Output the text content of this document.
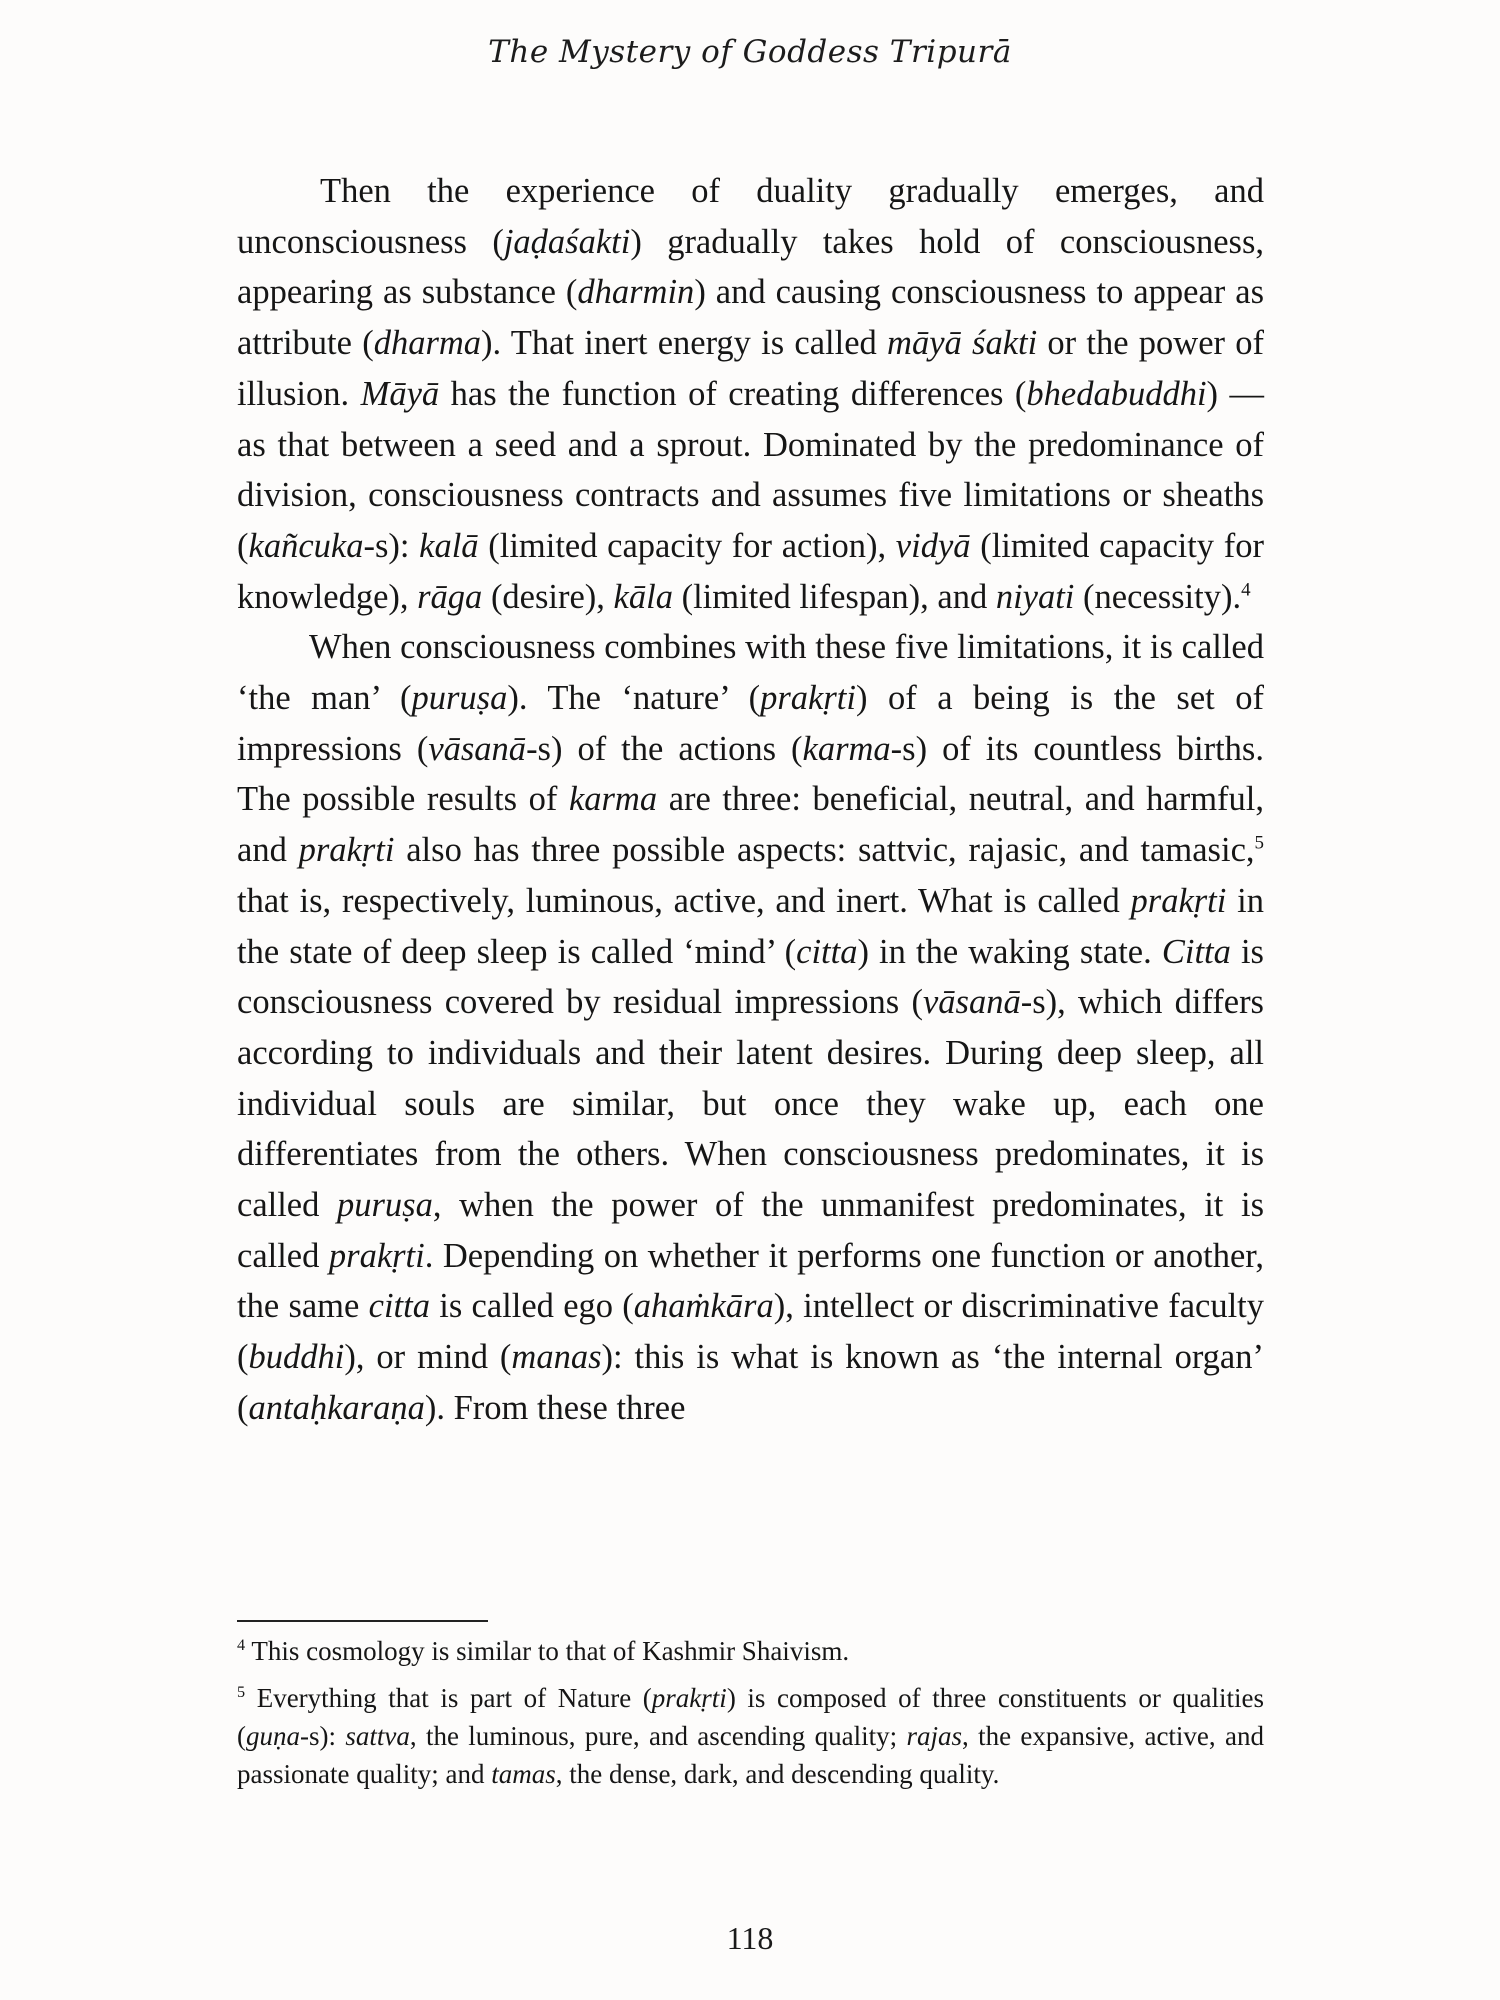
The Mystery of Goddess Tripurā

Then the experience of duality gradually emerges, and unconsciousness (jaḍaśakti) gradually takes hold of consciousness, appearing as substance (dharmin) and causing consciousness to appear as attribute (dharma). That inert energy is called māyā śakti or the power of illusion. Māyā has the function of creating differences (bhedabuddhi) — as that between a seed and a sprout. Dominated by the predominance of division, consciousness contracts and assumes five limitations or sheaths (kañcuka-s): kalā (limited capacity for action), vidyā (limited capacity for knowledge), rāga (desire), kāla (limited lifespan), and niyati (necessity).$^4$

When consciousness combines with these five limitations, it is called ‘the man’ (puruṣa). The ‘nature’ (prakṛti) of a being is the set of impressions (vāsanā-s) of the actions (karma-s) of its countless births. The possible results of karma are three: beneficial, neutral, and harmful, and prakṛti also has three possible aspects: sattvic, rajasic, and tamasic,$^5$ that is, respectively, luminous, active, and inert. What is called prakṛti in the state of deep sleep is called ‘mind’ (citta) in the waking state. Citta is consciousness covered by residual impressions (vāsanā-s), which differs according to individuals and their latent desires. During deep sleep, all individual souls are similar, but once they wake up, each one differentiates from the others. When consciousness predominates, it is called puruṣa, when the power of the unmanifest predominates, it is called prakṛti. Depending on whether it performs one function or another, the same citta is called ego (ahaṁkāra), intellect or discriminative faculty (buddhi), or mind (manas): this is what is known as ‘the internal organ’ (antaḥkaraṇa). From these three

$^4$ This cosmology is similar to that of Kashmir Shaivism.

$^5$ Everything that is part of Nature (prakṛti) is composed of three constituents or qualities (guṇa-s): sattva, the luminous, pure, and ascending quality; rajas, the expansive, active, and passionate quality; and tamas, the dense, dark, and descending quality.

118
